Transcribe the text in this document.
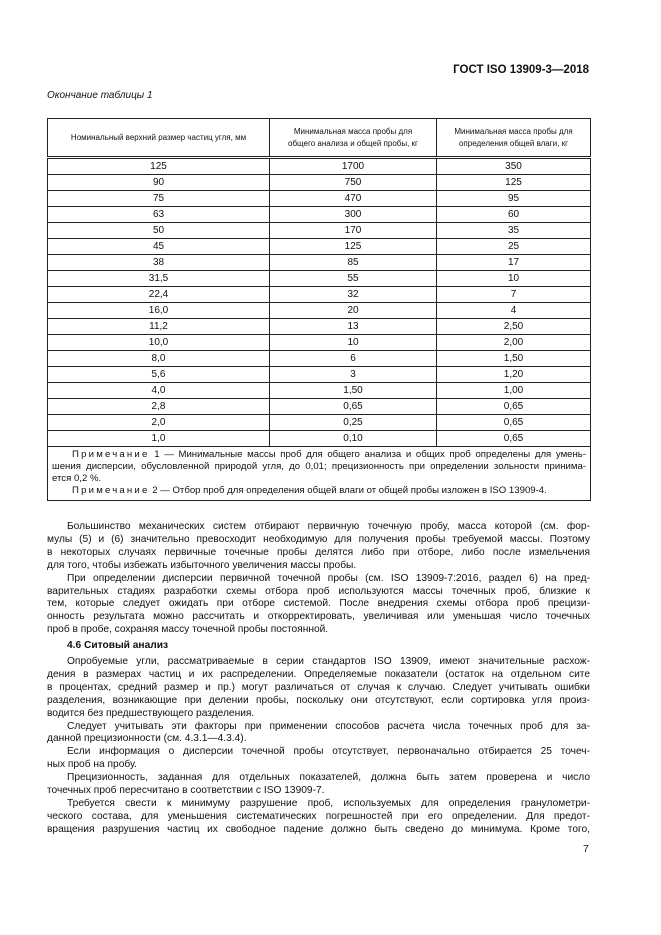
ГОСТ ISO 13909-3—2018
Окончание таблицы 1
Номинальный верхний размер частиц угля, мм	Минимальная масса пробы для общего анализа и общей пробы, кг	Минимальная масса пробы для определения общей влаги, кг
125	1700	350
90	750	125
75	470	95
63	300	60
50	170	35
45	125	25
38	85	17
31,5	55	10
22,4	32	7
16,0	20	4
11,2	13	2,50
10,0	10	2,00
8,0	6	1,50
5,6	3	1,20
4,0	1,50	1,00
2,8	0,65	0,65
2,0	0,25	0,65
1,0	0,10	0,65

Примечание 1 — Минимальные массы проб для общего анализа и общих проб определены для умень-
шения дисперсии, обусловленной природой угля, до 0,01; прецизионность при определении зольности принима-
ется 0,2 %.
Примечание 2 — Отбор проб для определения общей влаги от общей пробы изложен в ISO 13909-4.		
Большинство механических систем отбирают первичную точечную пробу, масса которой (см. фор-
мулы (5) и (6) значительно превосходит необходимую для получения пробы требуемой массы. Поэтому
в некоторых случаях первичные точечные пробы делятся либо при отборе, либо после измельчения
для того, чтобы избежать избыточного увеличения массы пробы.
При определении дисперсии первичной точечной пробы (см. ISO 13909-7:2016, раздел 6) на пред-
варительных стадиях разработки схемы отбора проб используются массы точечных проб, близкие к
тем, которые следует ожидать при отборе системой. После внедрения схемы отбора проб прецизи-
онность результата можно рассчитать и откорректировать, увеличивая или уменьшая число точечных
проб в пробе, сохраняя массу точечной пробы постоянной.
4.6 Ситовый анализ
Опробуемые угли, рассматриваемые в серии стандартов ISO 13909, имеют значительные расхож-
дения в размерах частиц и их распределении. Определяемые показатели (остаток на отдельном сите
в процентах, средний размер и пр.) могут различаться от случая к случаю. Следует учитывать ошибки
разделения, возникающие при делении пробы, поскольку они отсутствуют, если сортировка угля произ-
водится без предшествующего разделения.
Следует учитывать эти факторы при применении способов расчета числа точечных проб для за-
данной прецизионности (см. 4.3.1—4.3.4).
Если информация о дисперсии точечной пробы отсутствует, первоначально отбирается 25 точеч-
ных проб на пробу.
Прецизионность, заданная для отдельных показателей, должна быть затем проверена и число
точечных проб пересчитано в соответствии с ISO 13909-7.
Требуется свести к минимуму разрушение проб, используемых для определения гранулометри-
ческого состава, для уменьшения систематических погрешностей при его определении. Для предот-
вращения разрушения частиц их свободное падение должно быть сведено до минимума. Кроме того,
7
